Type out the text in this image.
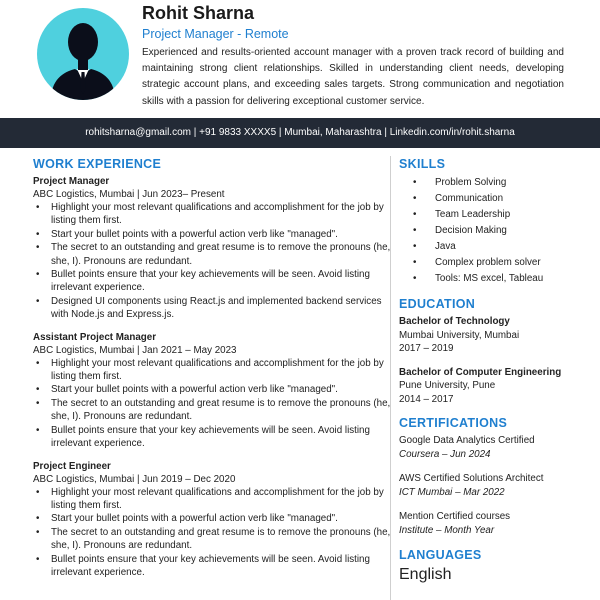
Rohit Sharna
Project Manager - Remote
Experienced and results-oriented account manager with a proven track record of building and maintaining strong client relationships. Skilled in understanding client needs, developing strategic account plans, and exceeding sales targets. Strong communication and negotiation skills with a passion for delivering exceptional customer service.
rohitsharna@gmail.com | +91 9833 XXXX5 | Mumbai, Maharashtra | Linkedin.com/in/rohit.sharna
WORK EXPERIENCE
Project Manager
ABC Logistics, Mumbai | Jun 2023– Present
• Highlight your most relevant qualifications and accomplishment for the job by listing them first.
• Start your bullet points with a powerful action verb like "managed".
• The secret to an outstanding and great resume is to remove the pronouns (he, she, I). Pronouns are redundant.
• Bullet points ensure that your key achievements will be seen. Avoid listing irrelevant experience.
• Designed UI components using React.js and implemented backend services with Node.js and Express.js.
Assistant Project Manager
ABC Logistics, Mumbai | Jan 2021 – May 2023
• Highlight your most relevant qualifications and accomplishment for the job by listing them first.
• Start your bullet points with a powerful action verb like "managed".
• The secret to an outstanding and great resume is to remove the pronouns (he, she, I). Pronouns are redundant.
• Bullet points ensure that your key achievements will be seen. Avoid listing irrelevant experience.
Project Engineer
ABC Logistics, Mumbai | Jun 2019 – Dec 2020
• Highlight your most relevant qualifications and accomplishment for the job by listing them first.
• Start your bullet points with a powerful action verb like "managed".
• The secret to an outstanding and great resume is to remove the pronouns (he, she, I). Pronouns are redundant.
• Bullet points ensure that your key achievements will be seen. Avoid listing irrelevant experience.
SKILLS
• Problem Solving
• Communication
• Team Leadership
• Decision Making
• Java
• Complex problem solver
• Tools: MS excel, Tableau
EDUCATION
Bachelor of Technology
Mumbai University, Mumbai
2017 – 2019
Bachelor of Computer Engineering
Pune University, Pune
2014 – 2017
CERTIFICATIONS
Google Data Analytics Certified
Coursera – Jun 2024
AWS Certified Solutions Architect
ICT Mumbai – Mar 2022
Mention Certified courses
Institute – Month Year
LANGUAGES
English
